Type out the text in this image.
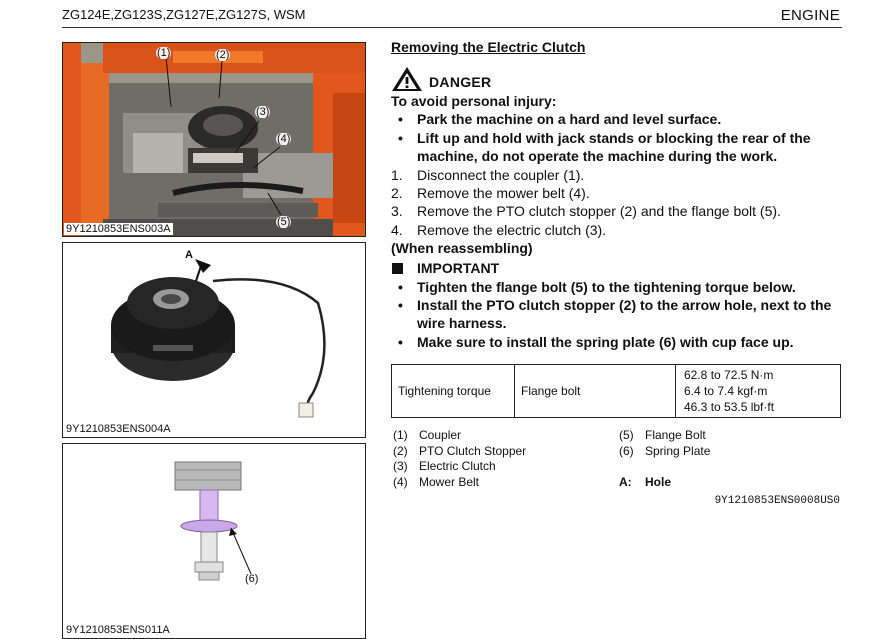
ZG124E,ZG123S,ZG127E,ZG127S, WSM	ENGINE
(1)	(2)
(3)
(4)
(5)
9Y1210853ENS003A
A
9Y1210853ENS004A
(6)
9Y1210853ENS011A
Removing the Electric Clutch
DANGER
To avoid personal injury:
• Park the machine on a hard and level surface.
• Lift up and hold with jack stands or blocking the rear of the machine, do not operate the machine during the work.
1. Disconnect the coupler (1).
2. Remove the mower belt (4).
3. Remove the PTO clutch stopper (2) and the flange bolt (5).
4. Remove the electric clutch (3).
(When reassembling)
IMPORTANT
• Tighten the flange bolt (5) to the tightening torque below.
• Install the PTO clutch stopper (2) to the arrow hole, next to the wire harness.
• Make sure to install the spring plate (6) with cup face up.
Tightening torque	Flange bolt	
62.8 to 72.5 N·m
6.4 to 7.4 kgf·m
46.3 to 53.5 lbf·ft
(1) Coupler
(2) PTO Clutch Stopper
(3) Electric Clutch
(4) Mower Belt
(5) Flange Bolt
(6) Spring Plate
A: Hole
9Y1210853ENS0008US0
